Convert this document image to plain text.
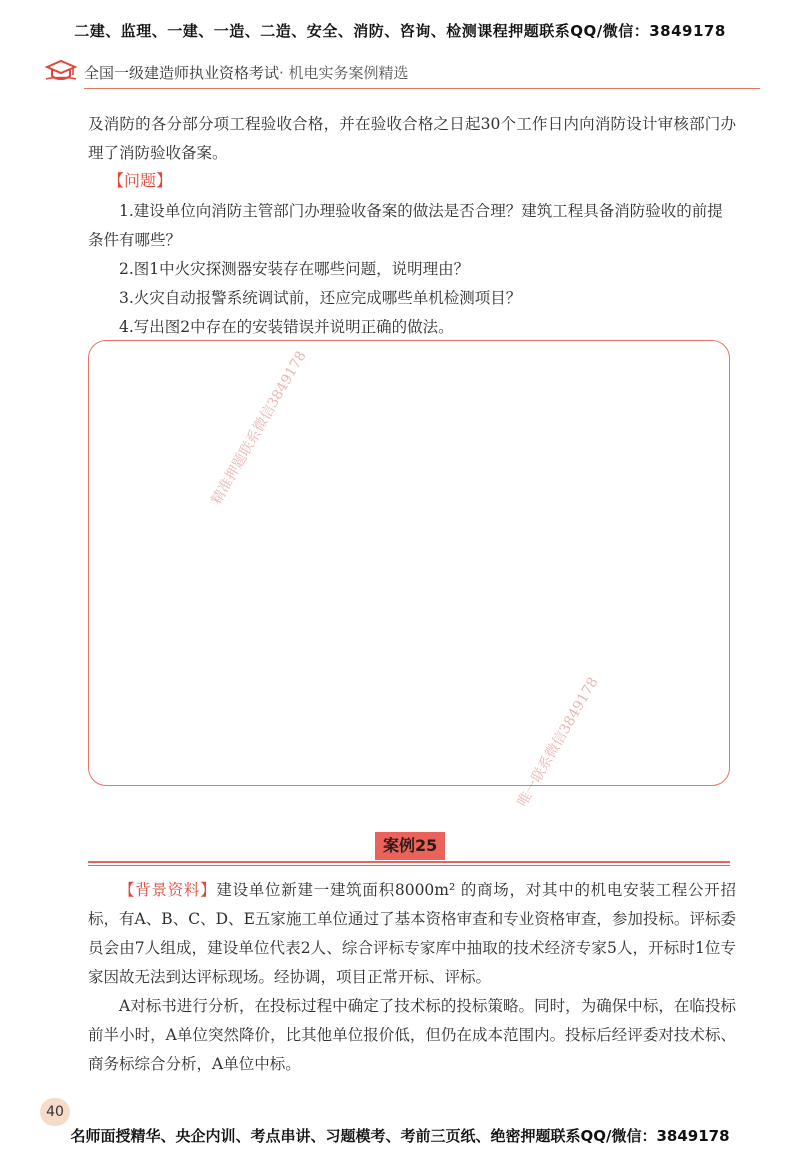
二建、监理、一建、一造、二造、安全、消防、咨询、检测课程押题联系QQ/微信：3849178
全国一级建造师执业资格考试· 机电实务案例精选
及消防的各分部分项工程验收合格，并在验收合格之日起30个工作日内向消防设计审核部门办理了消防验收备案。
【问题】
1.建设单位向消防主管部门办理验收备案的做法是否合理？建筑工程具备消防验收的前提条件有哪些？
2.图1中火灾探测器安装存在哪些问题，说明理由？
3.火灾自动报警系统调试前，还应完成哪些单机检测项目？
4.写出图2中存在的安装错误并说明正确的做法。
精准押题联系微信3849178
唯一联系微信3849178
案例25
【背景资料】建设单位新建一建筑面积8000m² 的商场，对其中的机电安装工程公开招标，有A、B、C、D、E五家施工单位通过了基本资格审查和专业资格审查，参加投标。评标委员会由7人组成，建设单位代表2人、综合评标专家库中抽取的技术经济专家5人，开标时1位专家因故无法到达评标现场。经协调，项目正常开标、评标。
A对标书进行分析，在投标过程中确定了技术标的投标策略。同时，为确保中标，在临投标前半小时，A单位突然降价，比其他单位报价低，但仍在成本范围内。投标后经评委对技术标、商务标综合分析，A单位中标。
40
名师面授精华、央企内训、考点串讲、习题模考、考前三页纸、绝密押题联系QQ/微信：3849178
